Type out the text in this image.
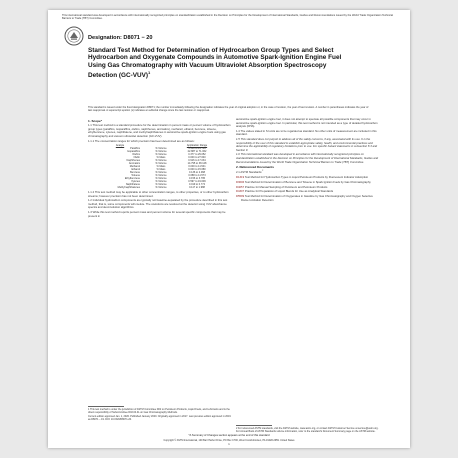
This international standard was developed in accordance with internationally recognized principles on standardization established in the Decision on Principles for the Development of International Standards, Guides and Recommendations issued by the World Trade Organization Technical Barriers to Trade (TBT) Committee.
Designation: D8071 − 20
Standard Test Method for Determination of Hydrocarbon Group Types and Select Hydrocarbon and Oxygenate Compounds in Automotive Spark-Ignition Engine Fuel Using Gas Chromatography with Vacuum Ultraviolet Absorption Spectroscopy Detection $(GC-VUV)^1$
This standard is issued under the fixed designation D8071; the number immediately following the designation indicates the year of original adoption or, in the case of revision, the year of last revision. A number in parentheses indicates the year of last reapproval. A superscript epsilon (ε) indicates an editorial change since the last revision or reapproval.
1. Scope*

1.1 This test method is a standard procedure for the determination in percent mass or percent volume of hydrocarbon group types (paraffins, isoparaffins, olefins, naphthenes, aromatics), methanol, ethanol, benzene, toluene, ethylbenzene, xylenes, naphthalene, and methylnaphthalenes in automotive spark-ignition engine fuels using gas chromatography and vacuum ultraviolet detection (GC-VUV).

1.1.1 The concentration ranges for which precision has been determined are as follows:

Analyte		Application Range
Paraffins	% Volume	5.559 to 14.719
Isoparaffins	% Volume	22.887 to 71.062
Olefins	% Volume	0.377 to 29.052
Olefin	% Mass	0.000 to 27.640
Naphthenes	% Volume	0.916 to 17.034
Aromatics	% Volume	14.795 to 38.128
Methanol	% Mass	0.000 to 11.541
Ethanol	% Mass	0.000 to 15.680
Benzene	% Volume	0.136 to 2.068
Toluene	% Volume	0.688 to 11.573
Ethylbenzene	% Volume	0.156 to 3.795
Xylenes	% Volume	0.597 to 19.609
Naphthalene	% Volume	0.019 to 0.774
Methylnaphthalenes	% Volume	0.117 to 1.988

1.1.2 This test method may be applicable to other concentration ranges, to other properties, or to other hydrocarbon streams; however precision has not been determined.

1.2 Individual hydrocarbon components are typically not baseline-separated by the procedure described in this test method, that is, some components will coelute. The coelutions are resolved at the detector using VUV absorbance spectra and deconvolution algorithms.

1.3 While this test method reports percent mass and percent volume for several specific components that may be present in

automotive spark-ignition engine fuel, it does not attempt to speciate all possible components that may occur in automotive spark-ignition engine fuel. In particular, this test method is not intended as a type of detailed hydrocarbon analysis (DHA).

1.4 The values stated in SI units are to be regarded as standard. No other units of measurement are included in this standard.

1.5 This standard does not purport to address all of the safety concerns, if any, associated with its use. It is the responsibility of the user of this standard to establish appropriate safety, health, and environmental practices and determine the applicability of regulatory limitations prior to use. For specific hazard statements in subsection 8.3 and Section 9.

1.6 This international standard was developed in accordance with internationally recognized principles on standardization established in the Decision on Principles for the Development of International Standards, Guides and Recommendations issued by the World Trade Organization Technical Barriers to Trade (TBT) Committee.

2. Referenced Documents

2.1 ASTM Standards:$^2$

D1319 Test Method for Hydrocarbon Types in Liquid Petroleum Products by Fluorescent Indicator Adsorption

D3606 Test Method for Determination of Benzene and Toluene in Spark Ignition Fuels by Gas Chromatography

D4057 Practice for Manual Sampling of Petroleum and Petroleum Products

D4307 Practice for Preparation of Liquid Blends for Use as Analytical Standards

D5599 Test Method for Determination of Oxygenates in Gasoline by Gas Chromatography and Oxygen Selective Flame Ionization Detection

1 This test method is under the jurisdiction of ASTM Committee D02 on Petroleum Products, Liquid Fuels, and Lubricants and is the direct responsibility of Subcommittee D02.04.0L on Gas Chromatography Methods.

Current edition approved Jan. 1, 2020. Published January 2020. Originally approved in 2017. Last previous edition approved in 2019 as D8071 – 19. DOI: 10.1520/D8071-20.

2 For referenced ASTM standards, visit the ASTM website, www.astm.org, or contact ASTM Customer Service at service@astm.org. For Annual Book of ASTM Standards volume information, refer to the standard's Document Summary page on the ASTM website.

*A Summary of Changes section appears at the end of this standard
Copyright © ASTM International, 100 Barr Harbor Drive, PO Box C700, West Conshohocken, PA 19428-2959. United States
1
